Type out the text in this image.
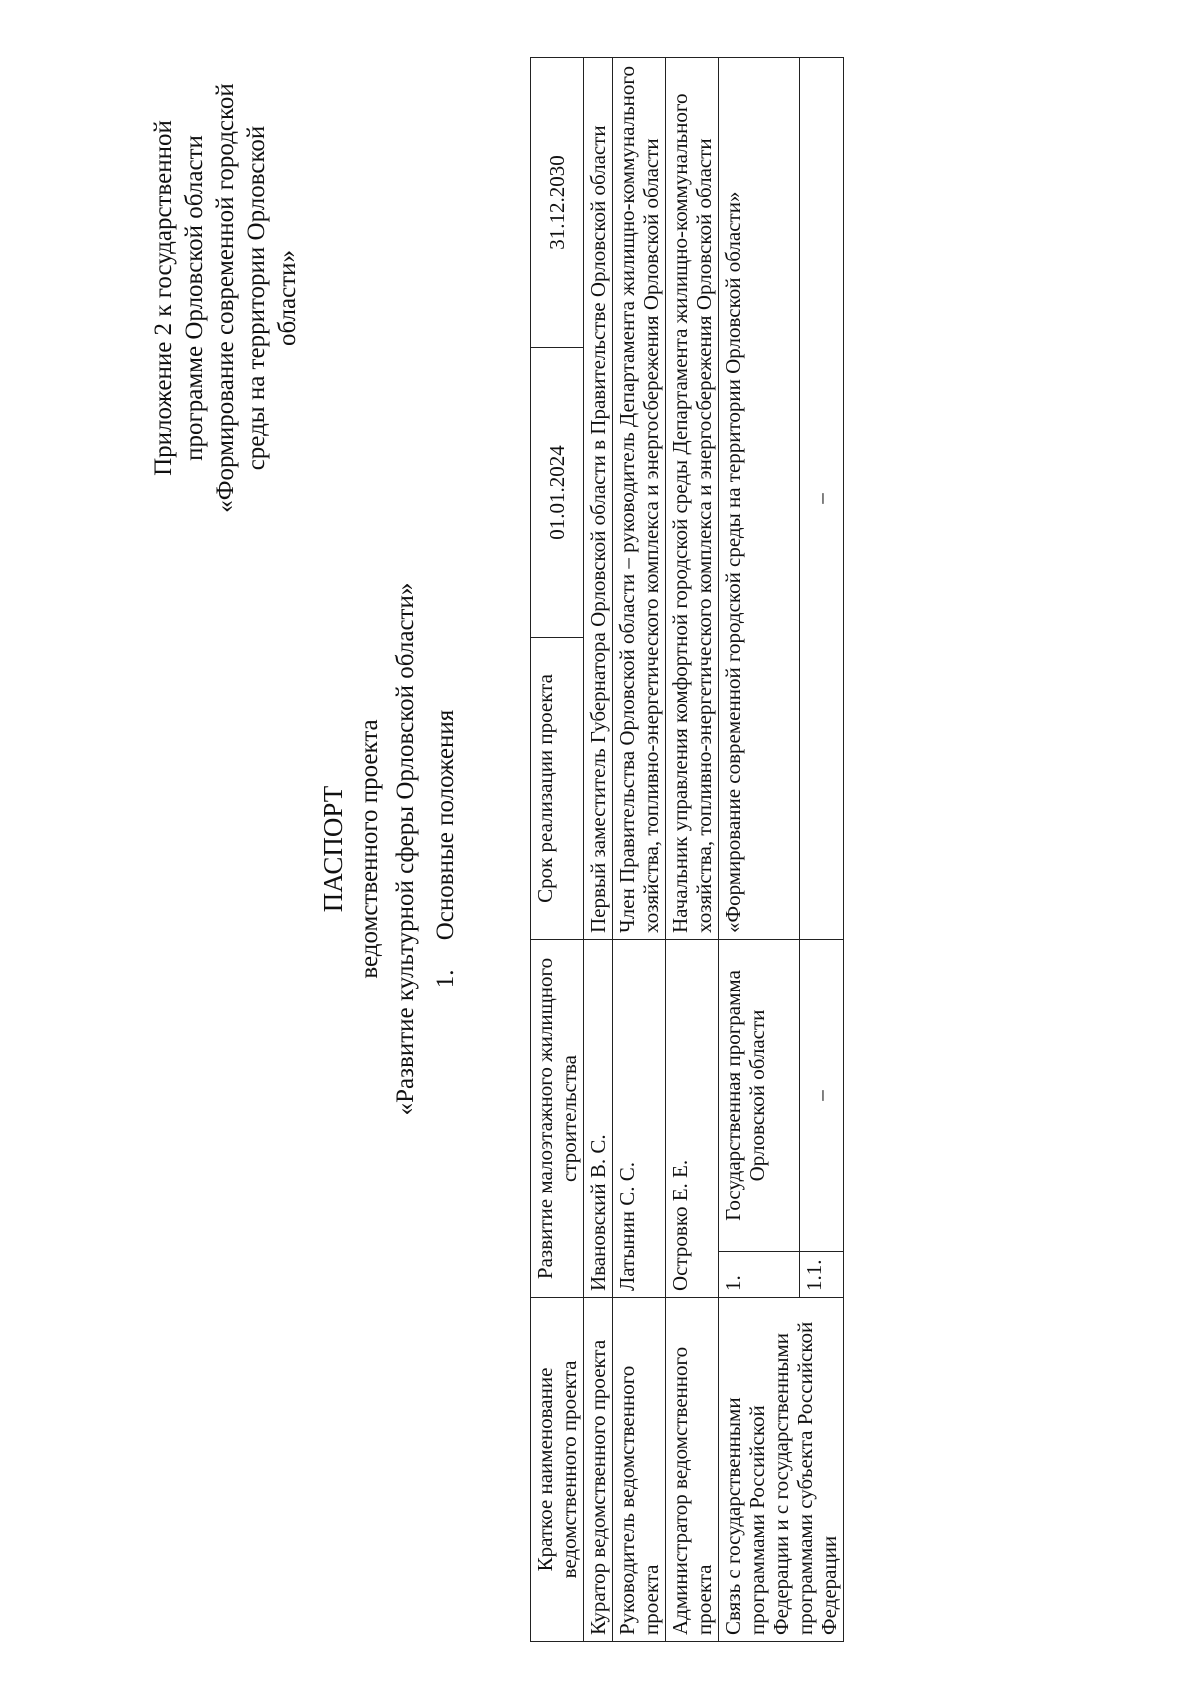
Приложение 2 к государственной программе Орловской области «Формирование современной городской среды на территории Орловской области»
ПАСПОРТ ведомственного проекта «Развитие культурной сферы Орловской области» 1.Основные положения
Краткое наименование ведомственного проекта	Развитие малоэтажного жилищного строительства		Срок реализации проекта	01.01.2024	31.12.2030
Куратор ведомственного проекта	Ивановский В. С.		Первый заместитель Губернатора Орловской области в Правительстве Орловской области		
Руководитель ведомственного проекта	Латынин С. С.		Член Правительства Орловской области – руководитель Департамента жилищно-коммунального хозяйства, топливно-энергетического комплекса и энергосбережения Орловской области		
Администратор ведомственного проекта	Островко Е. Е.		Начальник управления комфортной городской среды Департамента жилищно-коммунального хозяйства, топливно-энергетического комплекса и энергосбережения Орловской области		
Связь с государственными программами Российской Федерации и с государственными программами субъекта Российской Федерации	1.	Государственная программа Орловской области	«Формирование современной городской среды на территории Орловской области»		
	1.1.	–	–		
